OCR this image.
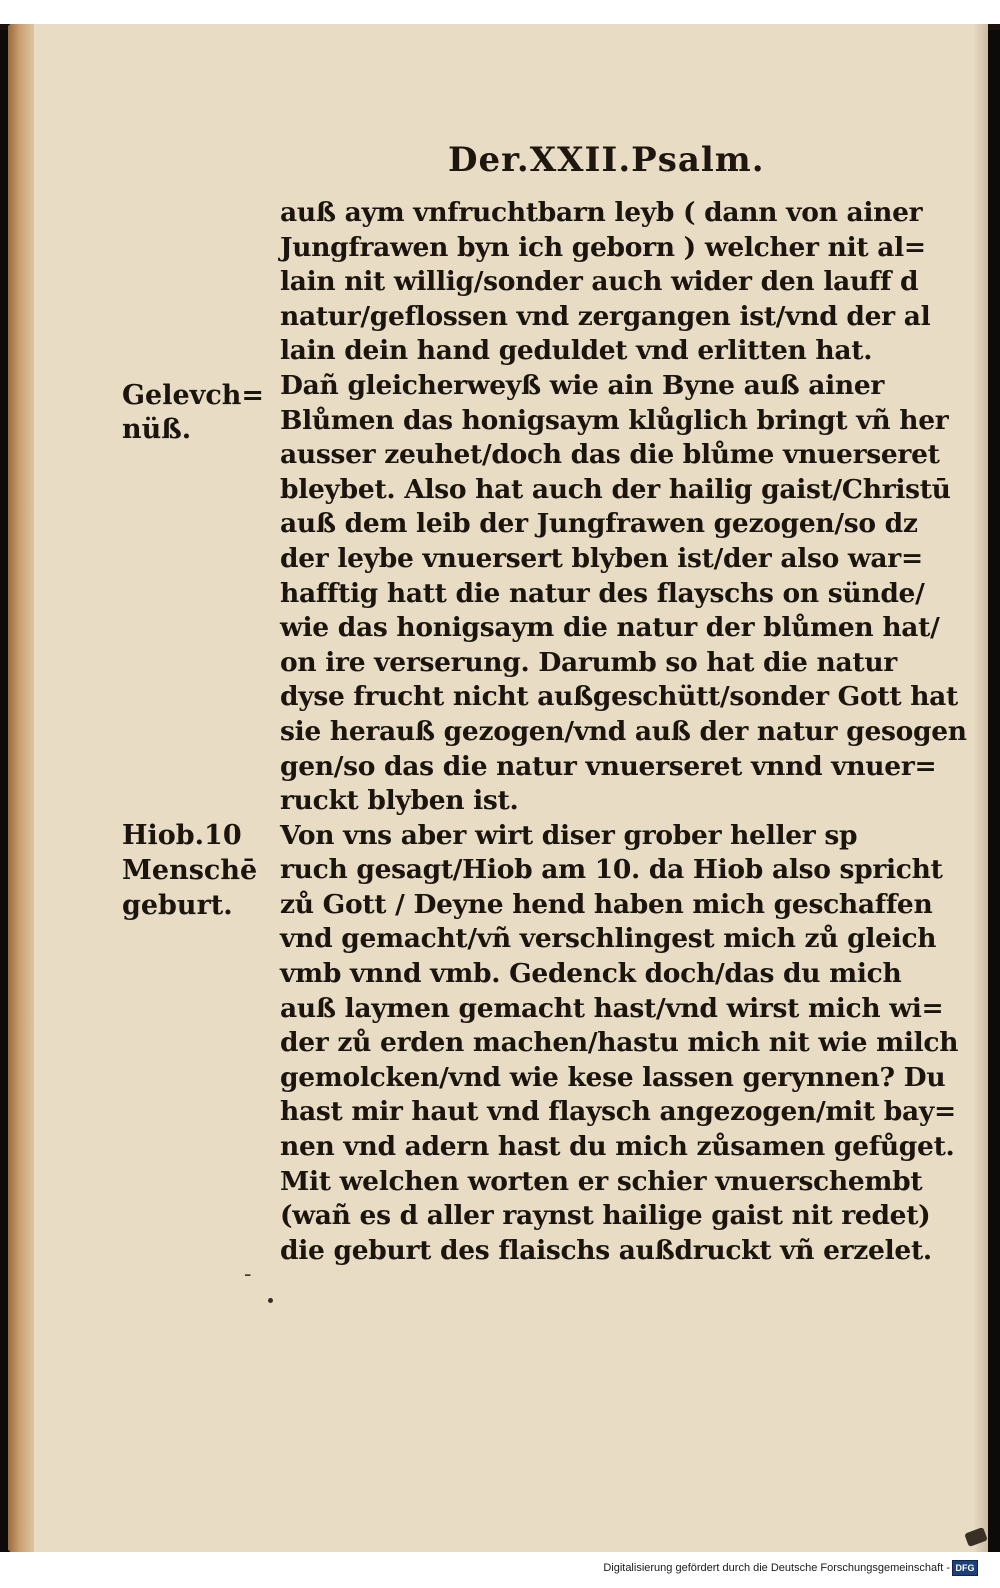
Der.XXII.Psalm.
Gelevch=
nüß.
Hiob.10
Menschē
geburt.
auß aym vnfruchtbarn leyb ( dann von ainer
Jungfrawen byn ich geborn ) welcher nit al=
lain nit willig/sonder auch wider den lauff d
natur/geflossen vnd zergangen ist/vnd der al
lain dein hand geduldet vnd erlitten hat.
Dañ gleicherweyß wie ain Byne auß ainer
Blůmen das honigsaym klůglich bringt vñ her
ausser zeuhet/doch das die blůme vnuerseret
bleybet. Also hat auch der hailig gaist/Christū
auß dem leib der Jungfrawen gezogen/so dz
der leybe vnuersert blyben ist/der also war=
hafftig hatt die natur des flayschs on sünde/
wie das honigsaym die natur der blůmen hat/
on ire verserung. Darumb so hat die natur
dyse frucht nicht außgeschütt/sonder Gott hat
sie herauß gezogen/vnd auß der natur gesogen
gen/so das die natur vnuerseret vnnd vnuer=
ruckt blyben ist.
Von vns aber wirt diser grober heller sp
ruch gesagt/Hiob am 10. da Hiob also spricht
zů Gott / Deyne hend haben mich geschaffen
vnd gemacht/vñ verschlingest mich zů gleich
vmb vnnd vmb. Gedenck doch/das du mich
auß laymen gemacht hast/vnd wirst mich wi=
der zů erden machen/hastu mich nit wie milch
gemolcken/vnd wie kese lassen gerynnen? Du
hast mir haut vnd flaysch angezogen/mit bay=
nen vnd adern hast du mich zůsamen gefůget.
Mit welchen worten er schier vnuerschembt
(wañ es d aller raynst hailige gaist nit redet)
die geburt des flaischs außdruckt vñ erzelet.
-
Digitalisierung gefördert durch die Deutsche Forschungsgemeinschaft - DFG
